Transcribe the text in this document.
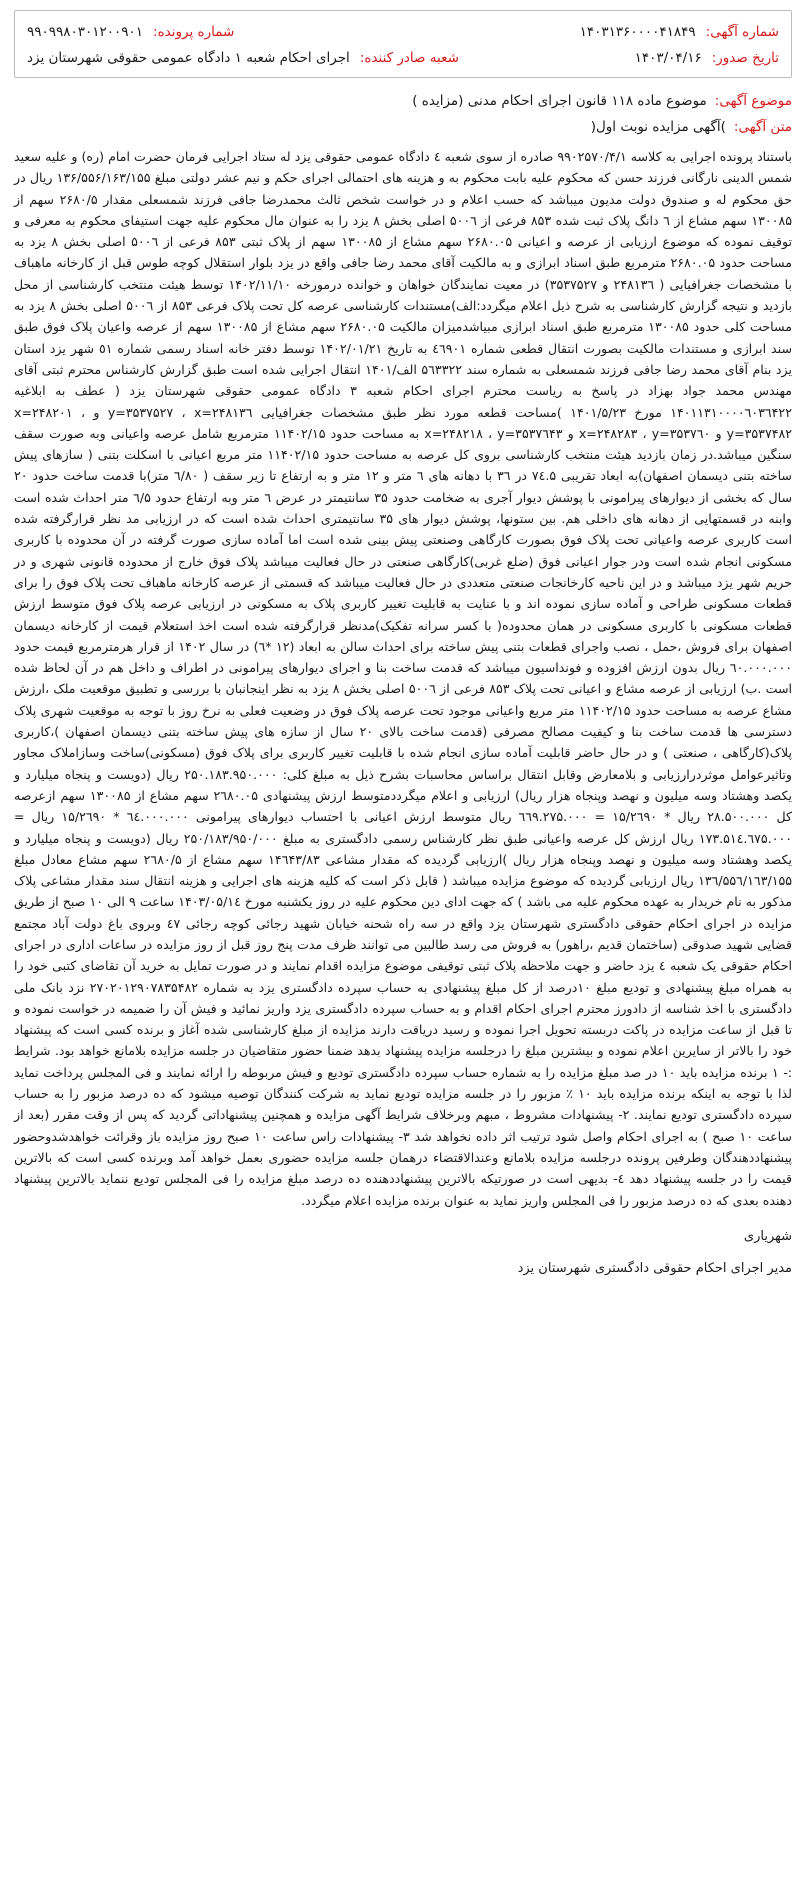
شماره آگهی:
۱۴۰۳۱۳۶۰۰۰۰۴۱۸۴۹
شماره پرونده:
۹۹۰۹۹۸۰۳۰۱۲۰۰۹۰۱
تاریخ صدور:
۱۴۰۳/۰۴/۱۶
شعبه صادر کننده:
اجرای احکام شعبه ۱ دادگاه عمومی حقوقی شهرستان یزد
موضوع آگهی:
موضوع ماده ۱۱۸ قانون اجرای احکام مدنی (مزایده )
متن آگهی:
)آگهی مزایده نوبت اول(

باستناد پرونده اجرایی به کلاسه ۹۹۰۲۵۷۰/۴/۱ صادره از سوی شعبه ٤ دادگاه عمومی حقوقی یزد له ستاد اجرایی فرمان حضرت امام (ره) و علیه سعید شمس الدینی نارگانی فرزند حسن که محکوم علیه بابت محکوم به و هزینه های احتمالی اجرای حکم و نیم عشر دولتی مبلغ ۱۳۶/۵۵۶/۱۶۳/۱۵۵ ریال در حق محکوم له و صندوق دولت مدیون میباشد که حسب اعلام و در خواست شخص ثالث محمدرضا جافی فرزند شمسعلی مقدار ۲۶۸۰/۵ سهم از ۱۳۰۰۸۵ سهم مشاع از ٦ دانگ پلاک ثبت شده ۸۵۳ فرعی از ۵۰۰٦ اصلی بخش ۸ یزد را به عنوان مال محکوم علیه جهت استیفای محکوم به معرفی و توقیف نموده که موضوع ارزیابی از عرصه و اعیانی ۲۶۸۰.۰۵ سهم مشاع از ۱۳۰۰۸۵ سهم از پلاک ثبتی ۸۵۳ فرعی از ۵۰۰٦ اصلی بخش ۸ یزد به مساحت حدود ۲۶۸۰.۰۵ مترمربع طبق اسناد ابرازی و به مالکیت آقای محمد رضا جافی واقع در یزد بلوار استقلال کوچه طوس قبل از کارخانه ماهباف با مشخصات جغرافیایی ( ۲۴۸۱۳٦ و ۳۵۳۷۵۲۷) در معیت نمایندگان خواهان و خوانده درمورخه ۱۴۰۲/۱۱/۱۰ توسط هیئت منتخب کارشناسی از محل بازدید و نتیجه گزارش کارشناسی به شرح ذیل اعلام میگردد:الف)مستندات کارشناسی عرصه کل تحت پلاک فرعی ۸۵۳ از ۵۰۰٦ اصلی بخش ۸ یزد به مساحت کلی حدود ۱۳۰۰۸۵ مترمربع طبق اسناد ابرازی مبیاشدمیزان مالکیت ۲۶۸۰.۰۵ سهم مشاع از ۱۳۰۰۸۵ سهم از عرصه واعیان پلاک فوق طبق سند ابرازی و مستندات مالکیت بصورت انتقال قطعی شماره ٤٦٩٠۱ به تاریخ ۱۴۰۲/۰۱/۲۱ توسط دفتر خانه اسناد رسمی شماره ٥۱ شهر یزد استان یزد بنام آقای محمد رضا جافی فرزند شمسعلی به شماره سند ۵٦۳۳۲۲ الف/۱۴۰۱ انتقال اجرایی شده است طبق گزارش کارشناس محترم ثبتی آقای مهندس محمد جواد بهزاد در پاسخ به ریاست محترم اجرای احکام شعبه ۳ دادگاه عمومی حقوقی شهرستان یزد ( عطف به ابلاغیه ۱۴۰۱۱۳۱۰۰۰۰٦۰۳٦۴۲۲ مورخ ۱۴۰۱/۵/۲۳ )مساحت قطعه مورد نظر طبق مشخصات جغرافیایی x=۲۴۸۱۳٦ ، y=۳۵۳۷۵۲۷ و x=۲۴۸۲۰۱ ، y=۳۵۳۷۴۸۲ و x=۲۴۸۲۸۳ ، y=۳۵۳۷٦۰ و x=۲۴۸۲۱۸ ، y=۳۵۳۷٦۴۳ به مساحت حدود ۱۱۴۰۲/۱۵ مترمربع شامل عرصه واعیانی وبه صورت سقف سنگین میباشد.در زمان بازدید هیئت منتخب کارشناسی بروی کل عرصه به مساحت حدود ۱۱۴۰۲/۱۵ متر مربع اعیانی با اسکلت بتنی ( سازهای پیش ساخته بتنی دیسمان اصفهان)به ابعاد تقریبی ۷٤.۵ در ۳٦ با دهانه های ٦ متر و ۱۲ متر و به ارتفاع تا زیر سقف ( ٦/۸۰ متر)با قدمت ساخت حدود ۲۰ سال که بخشی از دیوارهای پیرامونی با پوشش دیوار آجری به ضخامت حدود ۳۵ سانتیمتر در عرض ٦ متر وبه ارتفاع حدود ٦/۵ متر احداث شده است وابنه در قسمتهایی از دهانه های داخلی هم. بین ستونها، پوشش دیوار های ۳۵ سانتیمتری احداث شده است که در ارزیابی مد نظر قرارگرفته شده است کاربری عرصه واعیانی تحت پلاک فوق بصورت کارگاهی وصنعتی پیش بینی شده است اما آماده سازی صورت گرفته در آن محدوده با کاربری مسکونی انجام شده است ودر جوار اعیانی فوق (ضلع غربی)کارگاهی صنعتی در حال فعالیت میباشد پلاک فوق خارج از محدوده قانونی شهری و در حریم شهر یزد میباشد و در این ناحیه کارخانجات صنعتی متعددی در حال فعالیت میباشد که قسمتی از عرصه کارخانه ماهباف تحت پلاک فوق را برای قطعات مسکونی طراحی و آماده سازی نموده اند و با عنایت به قابلیت تغییر کاربری پلاک به مسکونی در ارزیابی عرصه پلاک فوق متوسط ارزش قطعات مسکونی با کاربری مسکونی در همان محدوده( با کسر سرانه تفکیک)مدنظر قرارگرفته شده است اخذ استعلام قیمت از کارخانه دیسمان اصفهان برای فروش ،حمل ، نصب واجرای قطعات بتنی پیش ساخته برای احداث سالن به ابعاد (۱۲ *٦) در سال ۱۴۰۲ از قرار هرمترمربع قیمت حدود ٦۰.۰۰۰.۰۰۰ ریال بدون ارزش افزوده و فونداسیون میباشد که قدمت ساخت بنا و اجرای دیوارهای پیرامونی در اطراف و داخل هم در آن لحاظ شده است .ب) ارزیابی از عرصه مشاع و اعیانی تحت پلاک ۸۵۳ فرعی از ۵۰۰٦ اصلی بخش ۸ یزد به نظر اینجانبان با بررسی و تطبیق موقعیت ملک ،ارزش مشاع عرصه به مساحت حدود ۱۱۴۰۲/۱۵ متر مربع واعیانی موجود تحت عرصه پلاک فوق در وضعیت فعلی به نرخ روز با توجه به موقعیت شهری پلاک دسترسی ها قدمت ساخت بنا و کیفیت مصالح مصرفی (قدمت ساخت بالای ۲۰ سال از سازه های پیش ساخته بتنی دیسمان اصفهان )،کاربری پلاک(کارگاهی ، صنعتی ) و در حال حاضر قابلیت آماده سازی انجام شده با قابلیت تغییر کاربری برای پلاک فوق (مسکونی)ساخت وسازاملاک مجاور وتاثیرعوامل موثردرارزیابی و بلامعارض وقابل انتقال براساس محاسبات بشرح ذیل به مبلغ کلی: ۲۵۰.۱۸۳.۹۵۰.۰۰۰ ریال (دویست و پنجاه میلیارد و یکصد وهشتاد وسه میلیون و نهصد وپنجاه هزار ریال) ارزیابی و اعلام میگرددمتوسط ارزش پیشنهادی ۲٦۸۰.۰۵ سهم مشاع از ۱۳۰۰۸۵ سهم ازعرصه کل ۲۸.۵۰۰.۰۰۰ ریال * ۱۵/۲٦۹۰ = ٦٦۹.۲۷۵.۰۰۰ ریال متوسط ارزش اعیانی با احتساب دیوارهای پیرامونی ٦٤.۰۰۰.۰۰۰ * ۱۵/۲٦۹۰ ریال = ۱۷۳.۵۱٤.٦۷۵.۰۰۰ ریال ارزش کل عرصه واعیانی طبق نظر کارشناس رسمی دادگستری به مبلغ ۲۵۰/۱۸۳/۹۵۰/۰۰۰ ریال (دویست و پنجاه میلیارد و یکصد وهشتاد وسه میلیون و نهصد وپنجاه هزار ریال )ارزیابی گردیده که مقدار مشاعی ۱۴٦۴۳/۸۳ سهم مشاع از ۲٦۸۰/۵ سهم مشاع معادل مبلغ ۱۳٦/۵۵٦/۱٦۳/۱۵۵ ریال ارزیابی گردیده که موضوع مزایده میباشد ( قابل ذکر است که کلیه هزینه های اجرایی و هزینه انتقال سند مقدار مشاعی پلاک مذکور به نام خریدار به عهده محکوم علیه می باشد ) که جهت ادای دین محکوم علیه در روز یکشنبه مورخ ۱۴۰۳/۰۵/۱٤ ساعت ۹ الی ۱۰ صبح از طریق مزایده در اجرای احکام حقوقی دادگستری شهرستان یزد واقع در سه راه شحنه خیابان شهید رجائی کوچه رجائی ٤۷ وبروی باغ دولت آباد مجتمع قضایی شهید صدوقی (ساختمان قدیم ،راهور) به فروش می رسد طالبین می توانند ظرف مدت پنج روز قبل از روز مزایده در ساعات اداری در اجرای احکام حقوقی یک شعبه ٤ یزد حاضر و جهت ملاحظه پلاک ثبتی توقیفی موضوع مزایده اقدام نمایند و در صورت تمایل به خرید آن تقاضای کتبی خود را به همراه مبلغ پیشنهادی و تودیع مبلغ ۱۰درصد از کل مبلغ پیشنهادی به حساب سپرده دادگستری یزد به شماره ۲۷۰۲۰۱۲۹۰۷۸۳۵۴۸۲ نزد بانک ملی دادگستری با اخذ شناسه از دادورز محترم اجرای احکام اقدام و به حساب سپرده دادگستری یزد واریز نمائید و فیش آن را ضمیمه در خواست نموده و تا قبل از ساعت مزایده در پاکت دربسته تحویل اجرا نموده و رسید دریافت دارند مزایده از مبلغ کارشناسی شده آغاز و برنده کسی است که پیشنهاد خود را بالاتر از سایرین اعلام نموده و بیشترین مبلغ را درجلسه مزایده پیشنهاد بدهد ضمنا حضور متقاضیان در جلسه مزایده بلامانع خواهد بود. شرایط :- ۱ برنده مزایده باید ۱۰ در صد مبلغ مزایده را به شماره حساب سپرده دادگستری تودیع و فیش مربوطه را ارائه نمایند و فی المجلس پرداخت نماید لذا با توجه به اینکه برنده مزایده باید ۱۰ ٪ مزبور را در جلسه مزایده تودیع نماید به شرکت کنندگان توصیه میشود که ده درصد مزبور را به حساب سپرده دادگستری تودیع نمایند. ۲- پیشنهادات مشروط ، مبهم وبرخلاف شرایط آگهی مزایده و همچنین پیشنهاداتی گردید که پس از وقت مقرر (بعد از ساعت ۱۰ صبح ) به اجرای احکام واصل شود ترتیب اثر داده نخواهد شد ۳- پیشنهادات راس ساعت ۱۰ صبح روز مزایده باز وقرائت خواهدشدوحضور پیشنهاددهندگان وطرفین پرونده درجلسه مزایده بلامانع وعندالاقتضاء درهمان جلسه مزایده حضوری بعمل خواهد آمد وبرنده کسی است که بالاترین قیمت را در جلسه پیشنهاد دهد ٤- بدیهی است در صورتیکه بالاترین پیشنهاددهنده ده درصد مبلغ مزایده را فی المجلس تودیع ننماید بالاترین پیشنهاد دهنده بعدی که ده درصد مزبور را فی المجلس واریز نماید به عنوان برنده مزایده اعلام میگردد.

شهریاری
مدیر اجرای احکام حقوقی دادگستری شهرستان یزد
